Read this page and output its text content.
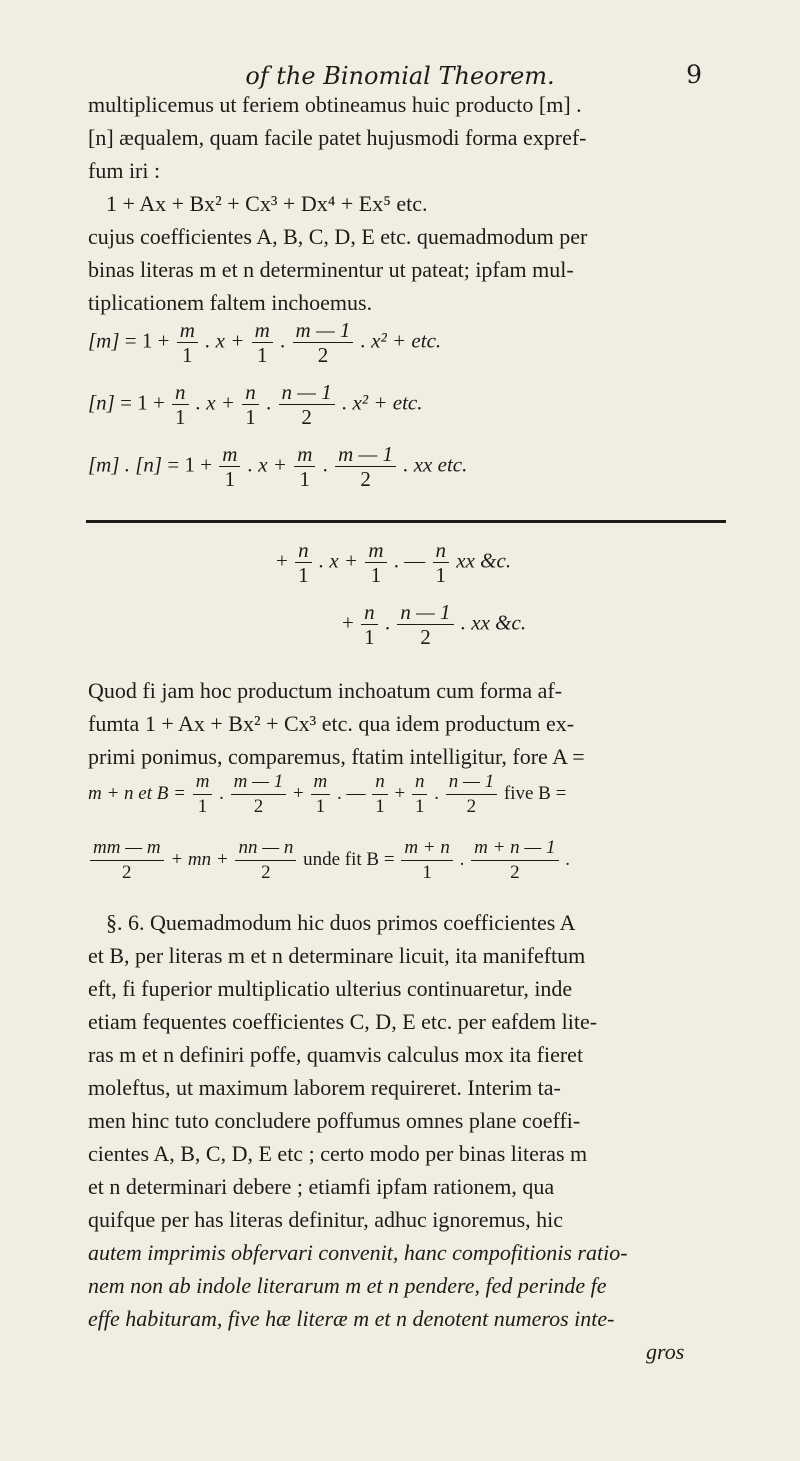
of the Binomial Theorem.	9
multiplicemus ut feriem obtineamus huic producto [m] .
[n] æqualem, quam facile patet hujusmodi forma expref-
fum iri :
1 + Ax + Bx² + Cx³ + Dx⁴ + Ex⁵ etc.
cujus coefficientes A, B, C, D, E etc. quemadmodum per
binas literas m et n determinentur ut pateat; ipfam mul-
tiplicationem faltem inchoemus.
$[m] = 1 + \frac{m}{1}$ . $x + \frac{m}{1}$ . $\frac{m — 1}{2}$ . x² + etc.
$[n] = 1 + \frac{n}{1}$ . $x + \frac{n}{1}$ . $\frac{n — 1}{2}$ . x² + etc.
[m] . $[n] = 1 + \frac{m}{1}$ . $x + \frac{m}{1}$ . $\frac{m — 1}{2}$ . xx etc.
+ $\frac{n}{1}$ . $x + \frac{m}{1}$ . — $\frac{n}{1}$ xx &c.
+ $\frac{n}{1}$ . $\frac{n — 1}{2}$ . xx &c.
Quod fi jam hoc productum inchoatum cum forma af-
fumta 1 + Ax + Bx² + Cx³ etc. qua idem productum ex-
primi ponimus, comparemus, ftatim intelligitur, fore A =
m + n et $B = \frac{m}{1}$ . $\frac{m — 1}{2} + \frac{m}{1}$ . — $\frac{n}{1} + \frac{n}{1}$ . $\frac{n — 1}{2}$ five B =
$\frac{mm — m}{2}$ + mn + $\frac{nn — n}{2}$ unde fit $B = \frac{m + n}{1}$ . $\frac{m + n — 1}{2}$ .
§. 6. Quemadmodum hic duos primos coefficientes A
et B, per literas m et n determinare licuit, ita manifeftum
eft, fi fuperior multiplicatio ulterius continuaretur, inde
etiam fequentes coefficientes C, D, E etc. per eafdem lite-
ras m et n definiri poffe, quamvis calculus mox ita fieret
moleftus, ut maximum laborem requireret. Interim ta-
men hinc tuto concludere poffumus omnes plane coeffi-
cientes A, B, C, D, E etc ; certo modo per binas literas m
et n determinari debere ; etiamfi ipfam rationem, qua
quifque per has literas definitur, adhuc ignoremus, hic
autem imprimis obfervari convenit, hanc compofitionis ratio-
nem non ab indole literarum m et n pendere, fed perinde fe
effe habituram, five hæ literæ m et n denotent numeros inte-
gros
